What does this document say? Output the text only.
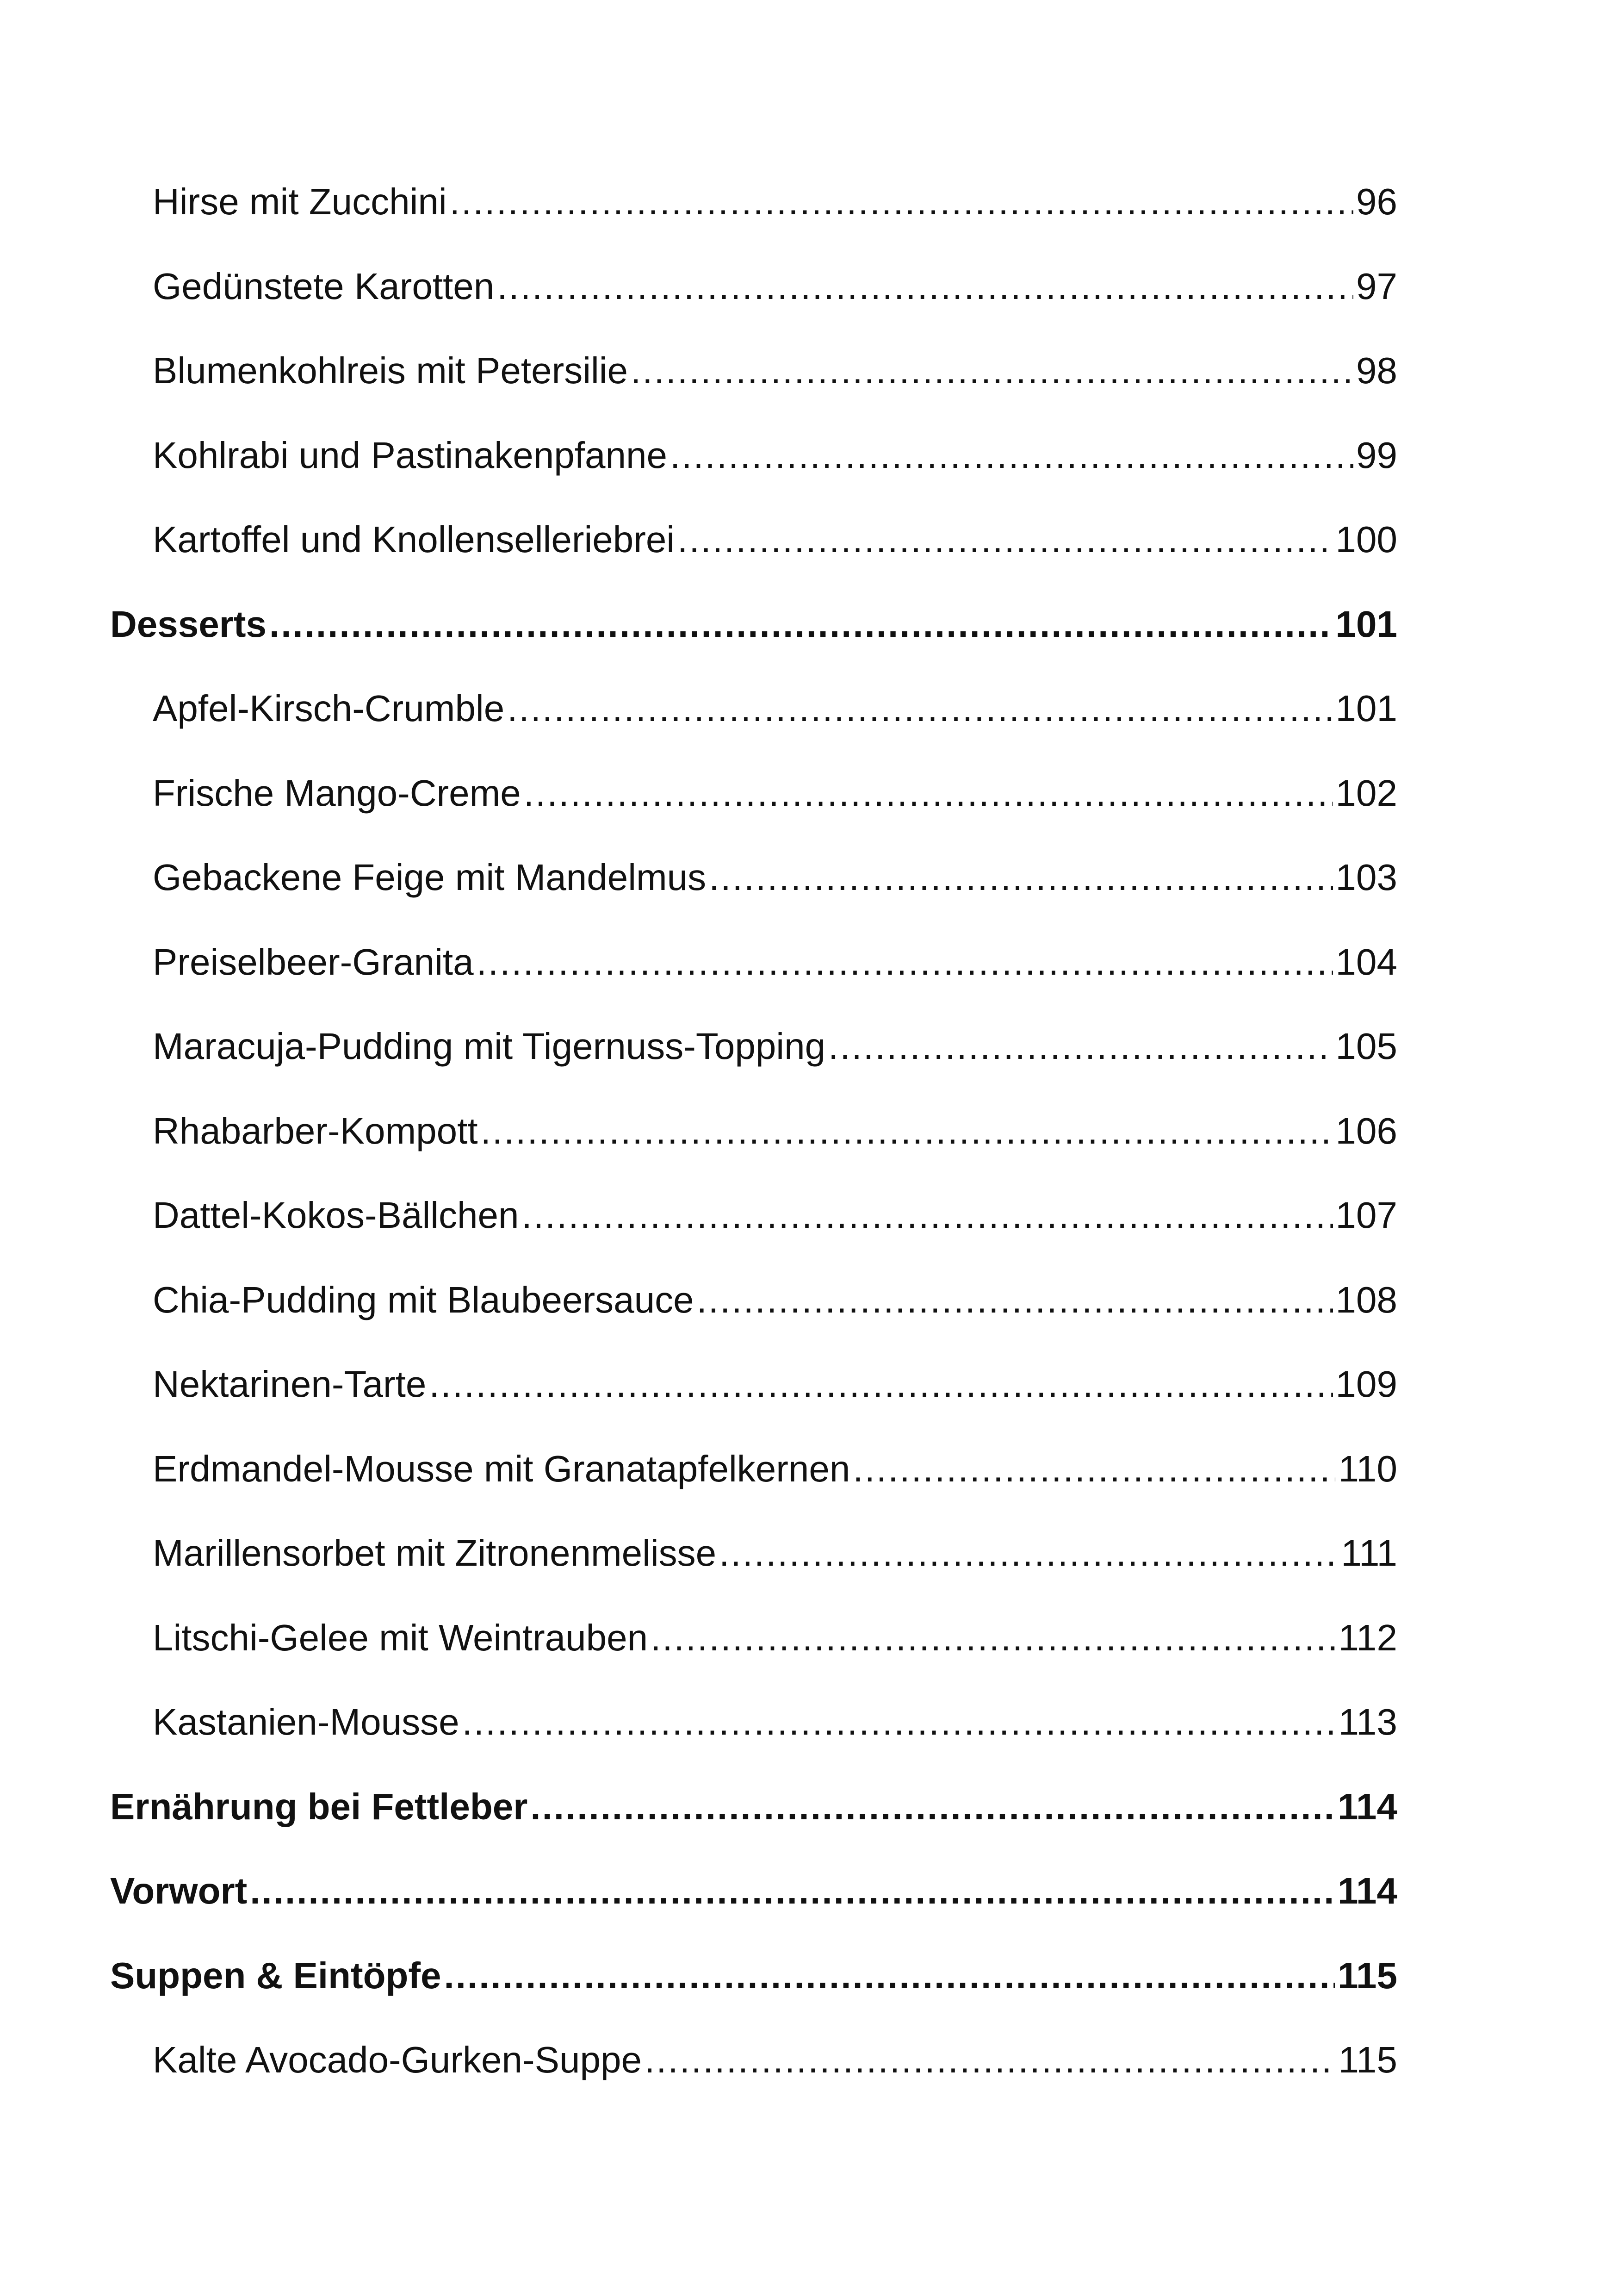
Hirse mit Zucchini .....	96
Gedünstete Karotten .....	97
Blumenkohlreis mit Petersilie .....	98
Kohlrabi und Pastinakenpfanne .....	99
Kartoffel und Knollenselleriebrei .....	100
Desserts .....	101
Apfel-Kirsch-Crumble .....	101
Frische Mango-Creme .....	102
Gebackene Feige mit Mandelmus .....	103
Preiselbeer-Granita .....	104
Maracuja-Pudding mit Tigernuss-Topping .....	105
Rhabarber-Kompott .....	106
Dattel-Kokos-Bällchen .....	107
Chia-Pudding mit Blaubeersauce .....	108
Nektarinen-Tarte .....	109
Erdmandel-Mousse mit Granatapfelkernen .....	110
Marillensorbet mit Zitronenmelisse .....	111
Litschi-Gelee mit Weintrauben .....	112
Kastanien-Mousse .....	113
Ernährung bei Fettleber .....	114
Vorwort .....	114
Suppen & Eintöpfe .....	115
Kalte Avocado-Gurken-Suppe .....	115
